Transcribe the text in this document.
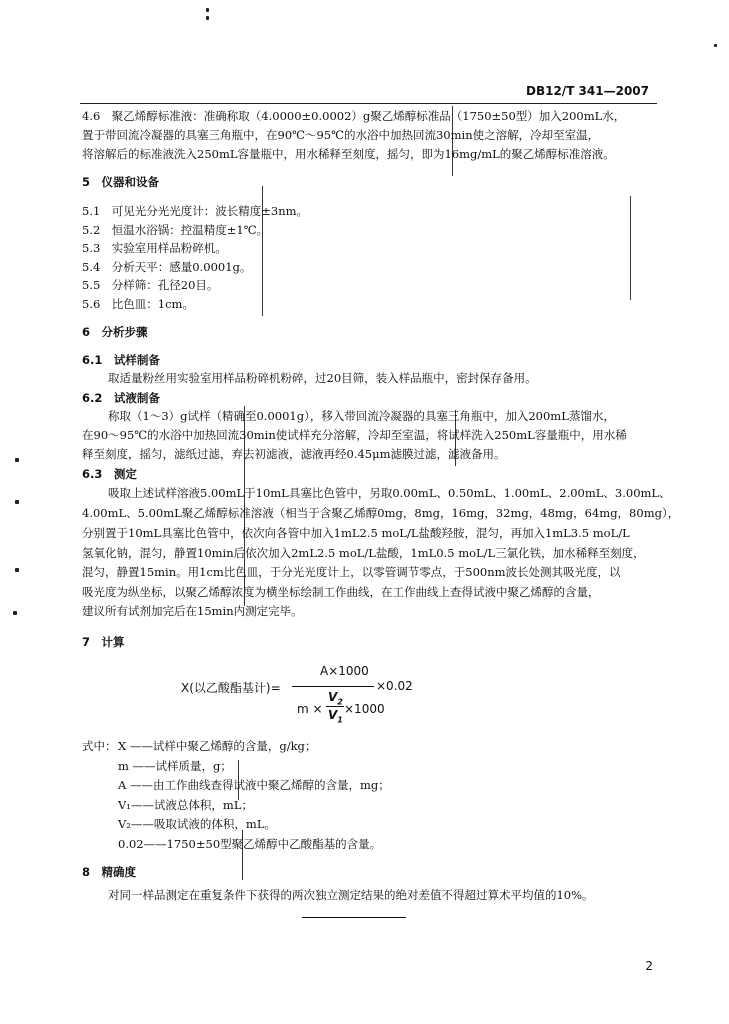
DB12/T 341—2007
4.6　聚乙烯醇标准液：准确称取（4.0000±0.0002）g聚乙烯醇标准品（1750±50型）加入200mL水，
置于带回流冷凝器的具塞三角瓶中，在90℃～95℃的水浴中加热回流30min使之溶解，冷却至室温，
将溶解后的标准液洗入250mL容量瓶中，用水稀释至刻度，摇匀，即为16mg/mL的聚乙烯醇标准溶液。
5　仪器和设备
5.1　可见光分光光度计：波长精度±3nm。
5.2　恒温水浴锅：控温精度±1℃。
5.3　实验室用样品粉碎机。
5.4　分析天平：感量0.0001g。
5.5　分样筛：孔径20目。
5.6　比色皿：1cm。
6　分析步骤
6.1　试样制备
取适量粉丝用实验室用样品粉碎机粉碎，过20目筛，装入样品瓶中，密封保存备用。
6.2　试液制备
称取（1～3）g试样（精确至0.0001g），移入带回流冷凝器的具塞三角瓶中，加入200mL蒸馏水，
在90～95℃的水浴中加热回流30min使试样充分溶解，冷却至室温，将试样洗入250mL容量瓶中，用水稀
释至刻度，摇匀，滤纸过滤，弃去初滤液，滤液再经0.45μm滤膜过滤，滤液备用。
6.3　测定
吸取上述试样溶液5.00mL于10mL具塞比色管中，另取0.00mL、0.50mL、1.00mL、2.00mL、3.00mL、
4.00mL、5.00mL聚乙烯醇标准溶液（相当于含聚乙烯醇0mg，8mg，16mg，32mg，48mg，64mg，80mg），
分别置于10mL具塞比色管中，依次向各管中加入1mL2.5 moL/L盐酸羟胺，混匀，再加入1mL3.5 moL/L
氢氧化钠，混匀，静置10min后依次加入2mL2.5 moL/L盐酸，1mL0.5 moL/L三氯化铁，加水稀释至刻度，
混匀，静置15min。用1cm比色皿，于分光光度计上，以零管调节零点，于500nm波长处测其吸光度，以
吸光度为纵坐标，以聚乙烯醇浓度为横坐标绘制工作曲线，在工作曲线上查得试液中聚乙烯醇的含量，
建议所有试剂加完后在15min内测定完毕。
7　计算
X(以乙酸酯基计)=
A×1000
×0.02
m ×
$V_2$
$V_1$
×1000
式中： X ——试样中聚乙烯醇的含量，g/kg；
m ——试样质量，g；
A ——由工作曲线查得试液中聚乙烯醇的含量，mg；
V₁——试液总体积，mL；
V₂——吸取试液的体积，mL。
0.02——1750±50型聚乙烯醇中乙酸酯基的含量。
8　精确度
对同一样品测定在重复条件下获得的两次独立测定结果的绝对差值不得超过算术平均值的10%。
2
